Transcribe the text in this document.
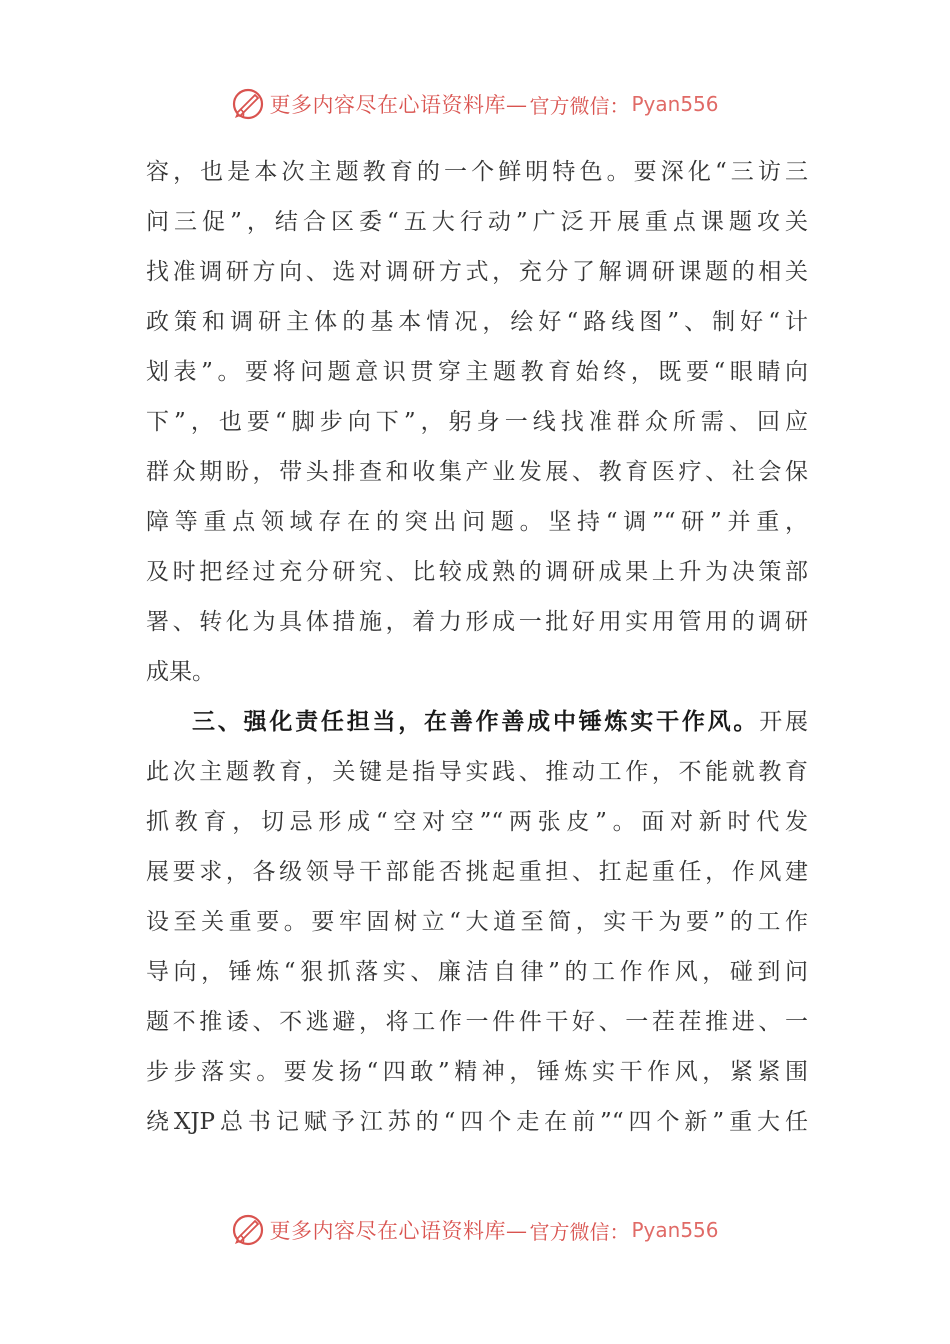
更多内容尽在心语资料库— 官方微信： Pyan556
容，也是本次主题教育的一个鲜明特色。要深化“三访三
问三促”，结合区委“五大行动”广泛开展重点课题攻关
找准调研方向、选对调研方式，充分了解调研课题的相关
政策和调研主体的基本情况，绘好“路线图”、制好“计
划表”。要将问题意识贯穿主题教育始终，既要“眼睛向
下”，也要“脚步向下”，躬身一线找准群众所需、回应
群众期盼，带头排查和收集产业发展、教育医疗、社会保
障等重点领域存在的突出问题。坚持“调”“研”并重，
及时把经过充分研究、比较成熟的调研成果上升为决策部
署、转化为具体措施，着力形成一批好用实用管用的调研
成果。
三、强化责任担当，在善作善成中锤炼实干作风。开展
此次主题教育，关键是指导实践、推动工作，不能就教育
抓教育，切忌形成“空对空”“两张皮”。面对新时代发
展要求，各级领导干部能否挑起重担、扛起重任，作风建
设至关重要。要牢固树立“大道至简，实干为要”的工作
导向，锤炼“狠抓落实、廉洁自律”的工作作风，碰到问
题不推诿、不逃避，将工作一件件干好、一茬茬推进、一
步步落实。要发扬“四敢”精神，锤炼实干作风，紧紧围
绕XJP总书记赋予江苏的“四个走在前”“四个新”重大任
更多内容尽在心语资料库— 官方微信： Pyan556
